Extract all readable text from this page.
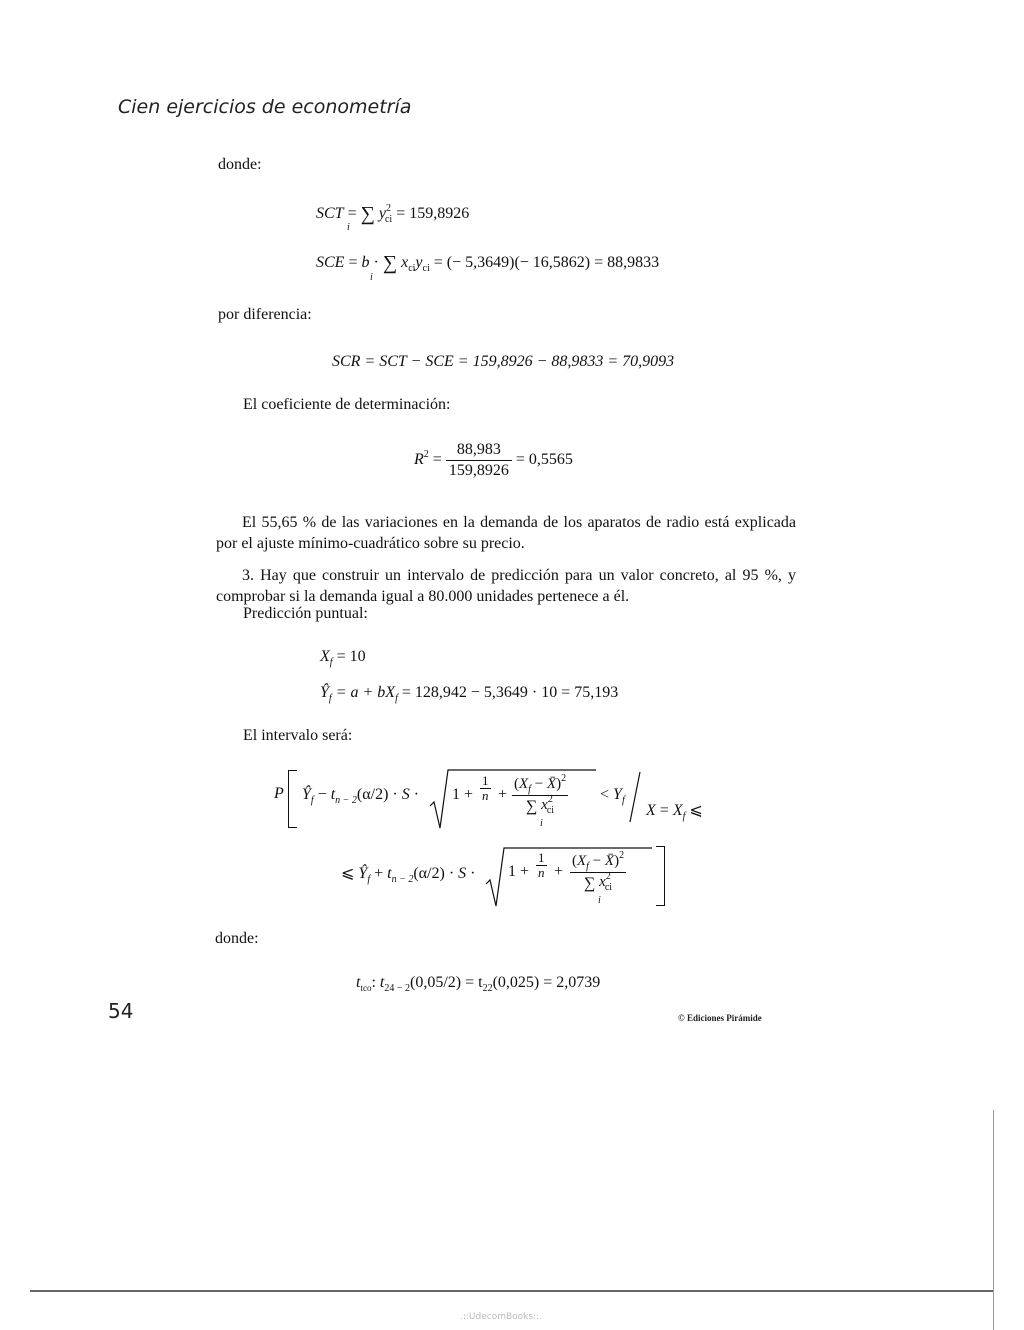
Cien ejercicios de econometría
donde:
SCT = ∑ $y^2_{ci} = 159,8926$
i
SCE = b · ∑ $x_{ci}y_{ci}$ = (− 5,3649)(− 16,5862) = 88,9833
i
por diferencia:
SCR = SCT − SCE = 159,8926 − 88,9833 = 70,9093
El coeficiente de determinación:
$R^2 = \frac{88,983}{159,8926} = 0,5565$
El 55,65 % de las variaciones en la demanda de los aparatos de radio está explicada por el ajuste mínimo-cuadrático sobre su precio.
3. Hay que construir un intervalo de predicción para un valor concreto, al 95 %, y comprobar si la demanda igual a 80.000 unidades pertenece a él.
Predicción puntual:
$X_f = 10$
$Ŷ_f = a + bX_f = 128,942 - 5,3649 \cdot 10 = 75,193$
El intervalo será:
P $Ŷ_f - t_{n - 2}(\alpha/2) \cdot S \cdot 1 + \frac{1}{n} + \frac{(X_f - X̄)^2}{\sum x^2_{ci}}$
i
< $Y_f$
$X = X_f$ ⩽
⩽ $Ŷ_f + t_{n - 2}(\alpha/2) \cdot S \cdot 1 + \frac{1}{n} + \frac{(X_f - X̄)^2}{\sum x^2_{ci}}$
i
donde:
$t_{tco}$: $t_{24 - 2}(0,05/2) = t_{22}(0,025) = 2,0739$
54	© Ediciones Pirámide
.::UdecomBooks::.
